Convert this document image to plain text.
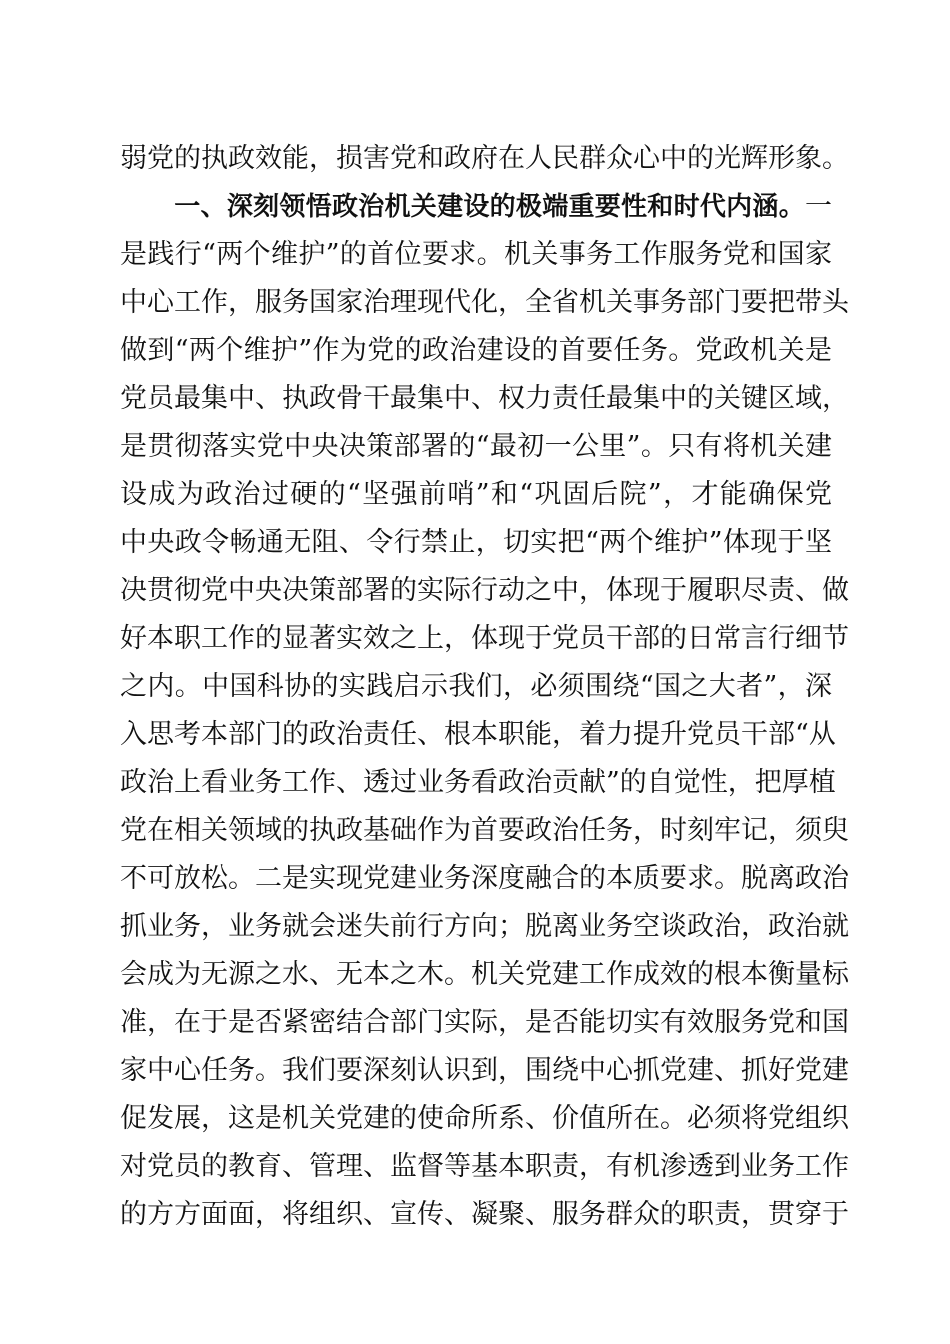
弱党的执政效能，损害党和政府在人民群众心中的光辉形象。
一、深刻领悟政治机关建设的极端重要性和时代内涵。一
是践行“两个维护”的首位要求。机关事务工作服务党和国家
中心工作，服务国家治理现代化，全省机关事务部门要把带头
做到“两个维护”作为党的政治建设的首要任务。党政机关是
党员最集中、执政骨干最集中、权力责任最集中的关键区域，
是贯彻落实党中央决策部署的“最初一公里”。只有将机关建
设成为政治过硬的“坚强前哨”和“巩固后院”，才能确保党
中央政令畅通无阻、令行禁止，切实把“两个维护”体现于坚
决贯彻党中央决策部署的实际行动之中，体现于履职尽责、做
好本职工作的显著实效之上，体现于党员干部的日常言行细节
之内。中国科协的实践启示我们，必须围绕“国之大者”，深
入思考本部门的政治责任、根本职能，着力提升党员干部“从
政治上看业务工作、透过业务看政治贡献”的自觉性，把厚植
党在相关领域的执政基础作为首要政治任务，时刻牢记，须臾
不可放松。二是实现党建业务深度融合的本质要求。脱离政治
抓业务，业务就会迷失前行方向；脱离业务空谈政治，政治就
会成为无源之水、无本之木。机关党建工作成效的根本衡量标
准，在于是否紧密结合部门实际，是否能切实有效服务党和国
家中心任务。我们要深刻认识到，围绕中心抓党建、抓好党建
促发展，这是机关党建的使命所系、价值所在。必须将党组织
对党员的教育、管理、监督等基本职责，有机渗透到业务工作
的方方面面，将组织、宣传、凝聚、服务群众的职责，贯穿于
